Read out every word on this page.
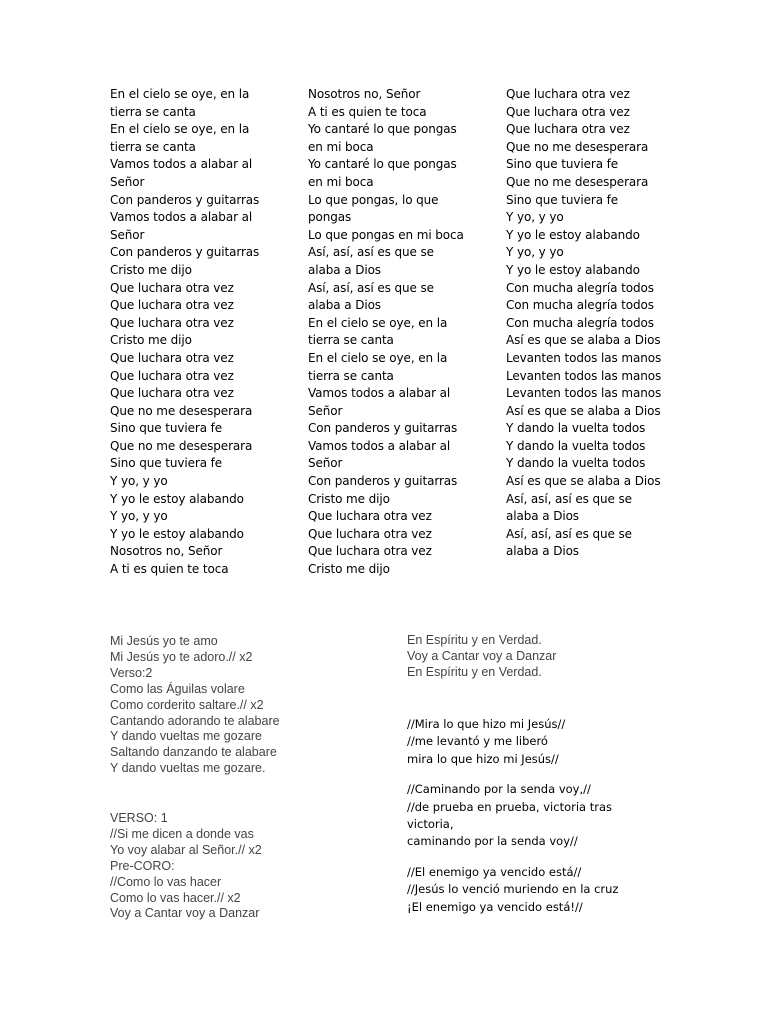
En el cielo se oye, en la
tierra se canta
En el cielo se oye, en la
tierra se canta
Vamos todos a alabar al
Señor
Con panderos y guitarras
Vamos todos a alabar al
Señor
Con panderos y guitarras
Cristo me dijo
Que luchara otra vez
Que luchara otra vez
Que luchara otra vez
Cristo me dijo
Que luchara otra vez
Que luchara otra vez
Que luchara otra vez
Que no me desesperara
Sino que tuviera fe
Que no me desesperara
Sino que tuviera fe
Y yo, y yo
Y yo le estoy alabando
Y yo, y yo
Y yo le estoy alabando
Nosotros no, Señor
A ti es quien te toca
Nosotros no, Señor
A ti es quien te toca
Yo cantaré lo que pongas
en mi boca
Yo cantaré lo que pongas
en mi boca
Lo que pongas, lo que
pongas
Lo que pongas en mi boca
Así, así, así es que se
alaba a Dios
Así, así, así es que se
alaba a Dios
En el cielo se oye, en la
tierra se canta
En el cielo se oye, en la
tierra se canta
Vamos todos a alabar al
Señor
Con panderos y guitarras
Vamos todos a alabar al
Señor
Con panderos y guitarras
Cristo me dijo
Que luchara otra vez
Que luchara otra vez
Que luchara otra vez
Cristo me dijo
Que luchara otra vez
Que luchara otra vez
Que luchara otra vez
Que no me desesperara
Sino que tuviera fe
Que no me desesperara
Sino que tuviera fe
Y yo, y yo
Y yo le estoy alabando
Y yo, y yo
Y yo le estoy alabando
Con mucha alegría todos
Con mucha alegría todos
Con mucha alegría todos
Así es que se alaba a Dios
Levanten todos las manos
Levanten todos las manos
Levanten todos las manos
Así es que se alaba a Dios
Y dando la vuelta todos
Y dando la vuelta todos
Y dando la vuelta todos
Así es que se alaba a Dios
Así, así, así es que se
alaba a Dios
Así, así, así es que se
alaba a Dios
Mi Jesús yo te amo
Mi Jesús yo te adoro.// x2
Verso:2
Como las Águilas volare
Como corderito saltare.// x2
Cantando adorando te alabare
Y dando vueltas me gozare
Saltando danzando te alabare
Y dando vueltas me gozare.
VERSO: 1
//Si me dicen a donde vas
Yo voy alabar al Señor.// x2
Pre-CORO:
//Como lo vas hacer
Como lo vas hacer.// x2
Voy a Cantar voy a Danzar
En Espíritu y en Verdad.
Voy a Cantar voy a Danzar
En Espíritu y en Verdad.
//Mira lo que hizo mi Jesús//
//me levantó y me liberó
mira lo que hizo mi Jesús//
//Caminando por la senda voy,//
//de prueba en prueba, victoria tras
victoria,
caminando por la senda voy//
//El enemigo ya vencido está//
//Jesús lo venció muriendo en la cruz
¡El enemigo ya vencido está!//
